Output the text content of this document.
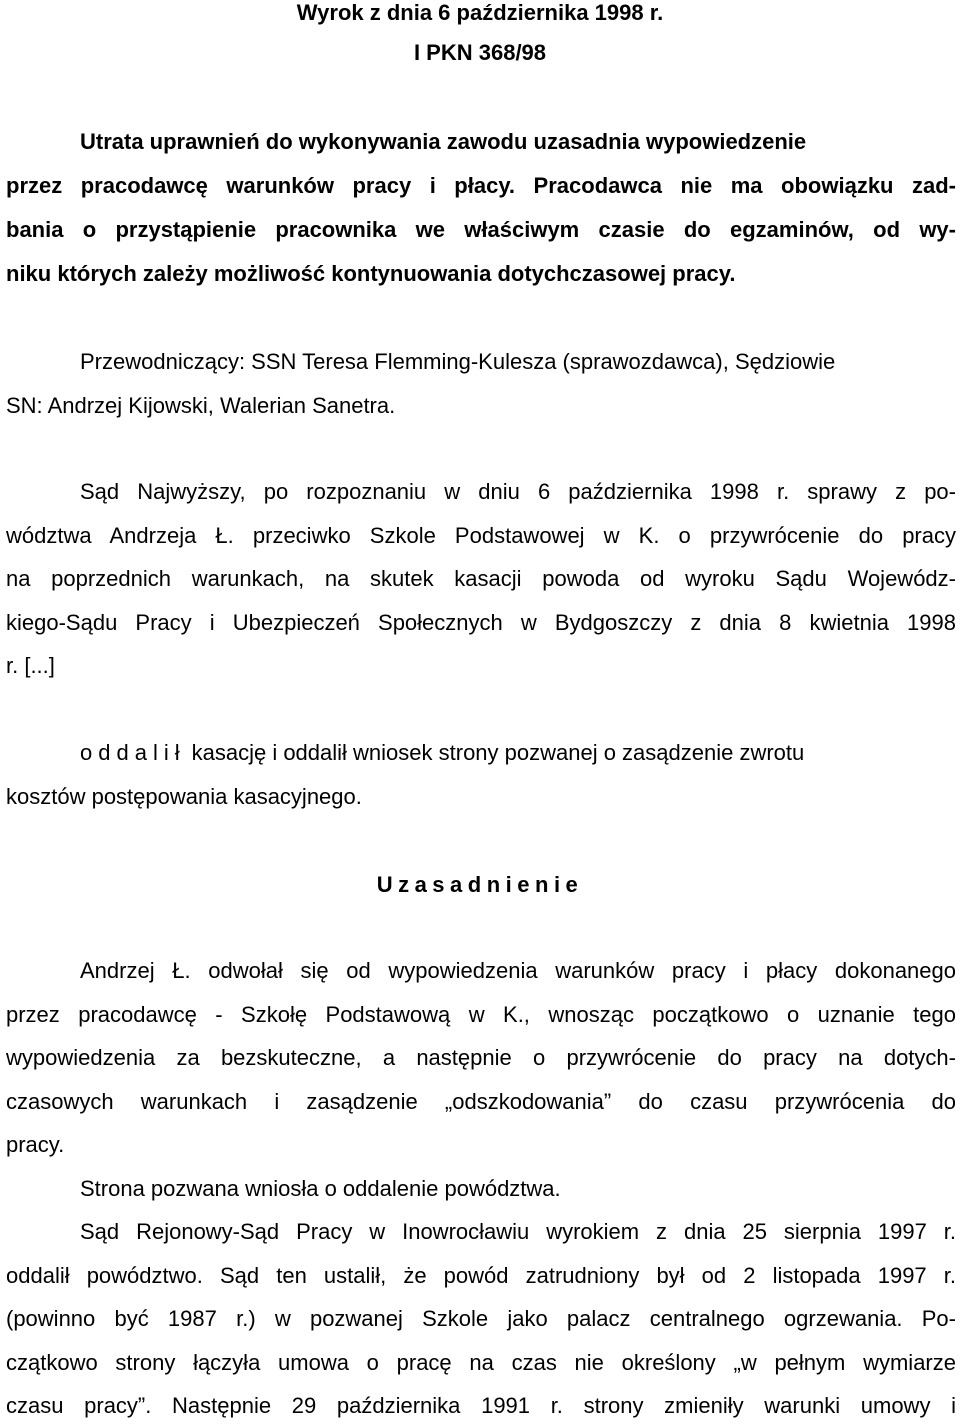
Wyrok z dnia 6 października 1998 r.
I PKN 368/98
Utrata uprawnień do wykonywania zawodu uzasadnia wypowiedzenie
przez pracodawcę warunków pracy i płacy. Pracodawca nie ma obowiązku zad-
bania o przystąpienie pracownika we właściwym czasie do egzaminów, od wy-
niku których zależy możliwość kontynuowania dotychczasowej pracy.
Przewodniczący: SSN Teresa Flemming-Kulesza (sprawozdawca), Sędziowie
SN: Andrzej Kijowski, Walerian Sanetra.
Sąd Najwyższy, po rozpoznaniu w dniu 6 października 1998 r. sprawy z po-
wództwa Andrzeja Ł. przeciwko Szkole Podstawowej w K. o przywrócenie do pracy
na poprzednich warunkach, na skutek kasacji powoda od wyroku Sądu Wojewódz-
kiego-Sądu Pracy i Ubezpieczeń Społecznych w Bydgoszczy z dnia 8 kwietnia 1998
r. [...]
oddalił kasację i oddalił wniosek strony pozwanej o zasądzenie zwrotu
kosztów postępowania kasacyjnego.
Uzasadnienie
Andrzej Ł. odwołał się od wypowiedzenia warunków pracy i płacy dokonanego
przez pracodawcę - Szkołę Podstawową w K., wnosząc początkowo o uznanie tego
wypowiedzenia za bezskuteczne, a następnie o przywrócenie do pracy na dotych-
czasowych warunkach i zasądzenie „odszkodowania” do czasu przywrócenia do
pracy.
Strona pozwana wniosła o oddalenie powództwa.
Sąd Rejonowy-Sąd Pracy w Inowrocławiu wyrokiem z dnia 25 sierpnia 1997 r.
oddalił powództwo. Sąd ten ustalił, że powód zatrudniony był od 2 listopada 1997 r.
(powinno być 1987 r.) w pozwanej Szkole jako palacz centralnego ogrzewania. Po-
czątkowo strony łączyła umowa o pracę na czas nie określony „w pełnym wymiarze
czasu pracy”. Następnie 29 października 1991 r. strony zmieniły warunki umowy i
